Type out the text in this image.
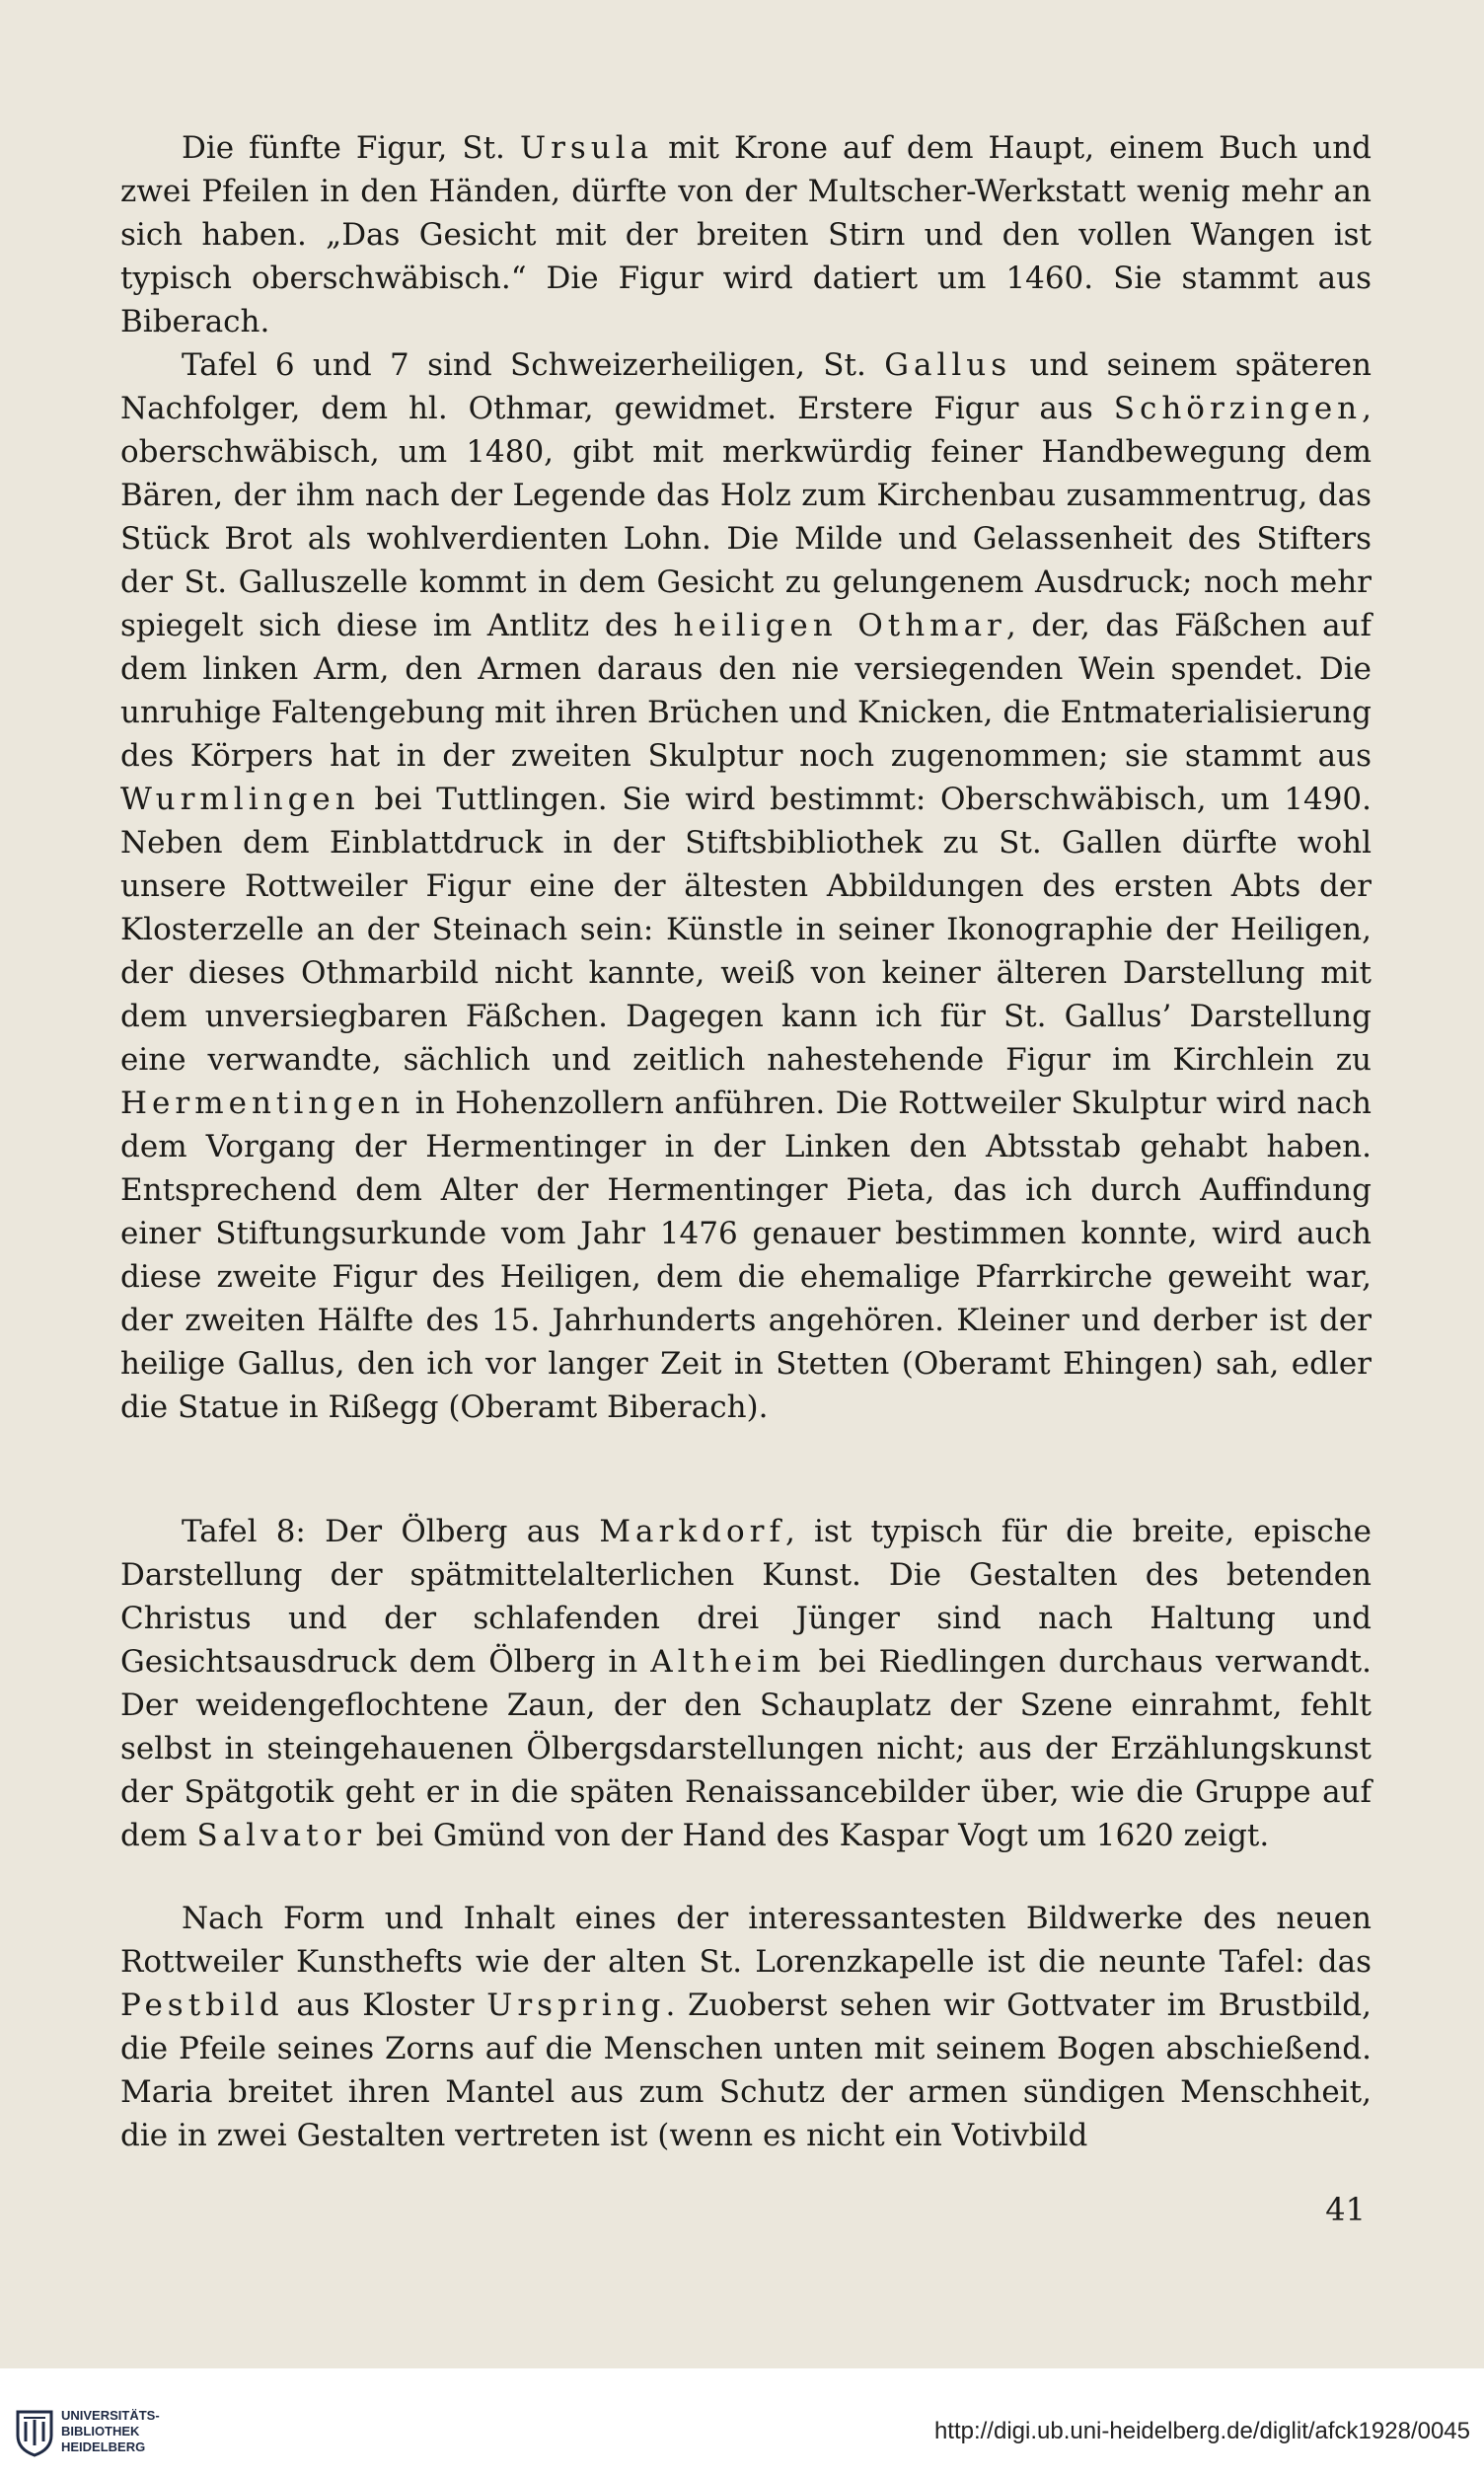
Die fünfte Figur, St. Ursula mit Krone auf dem Haupt, einem Buch und zwei Pfeilen in den Händen, dürfte von der Multscher-Werkstatt wenig mehr an sich haben. „Das Gesicht mit der breiten Stirn und den vollen Wangen ist typisch oberschwäbisch.“ Die Figur wird datiert um 1460. Sie stammt aus Biberach.

Tafel 6 und 7 sind Schweizerheiligen, St. Gallus und seinem späteren Nachfolger, dem hl. Othmar, gewidmet. Erstere Figur aus Schörzingen, oberschwäbisch, um 1480, gibt mit merkwürdig feiner Handbewegung dem Bären, der ihm nach der Legende das Holz zum Kirchenbau zusammentrug, das Stück Brot als wohlverdienten Lohn. Die Milde und Gelassenheit des Stifters der St. Galluszelle kommt in dem Gesicht zu gelungenem Ausdruck; noch mehr spiegelt sich diese im Antlitz des heiligen Othmar, der, das Fäßchen auf dem linken Arm, den Armen daraus den nie versiegenden Wein spendet. Die unruhige Faltengebung mit ihren Brüchen und Knicken, die Entmaterialisierung des Körpers hat in der zweiten Skulptur noch zugenommen; sie stammt aus Wurmlingen bei Tuttlingen. Sie wird bestimmt: Oberschwäbisch, um 1490. Neben dem Einblattdruck in der Stiftsbibliothek zu St. Gallen dürfte wohl unsere Rottweiler Figur eine der ältesten Abbildungen des ersten Abts der Klosterzelle an der Steinach sein: Künstle in seiner Ikonographie der Heiligen, der dieses Othmarbild nicht kannte, weiß von keiner älteren Darstellung mit dem unversiegbaren Fäßchen. Dagegen kann ich für St. Gallus’ Darstellung eine verwandte, sächlich und zeitlich nahestehende Figur im Kirchlein zu Hermentingen in Hohenzollern anführen. Die Rottweiler Skulptur wird nach dem Vorgang der Hermentinger in der Linken den Abtsstab gehabt haben. Entsprechend dem Alter der Hermentinger Pieta, das ich durch Auffindung einer Stiftungsurkunde vom Jahr 1476 genauer bestimmen konnte, wird auch diese zweite Figur des Heiligen, dem die ehemalige Pfarrkirche geweiht war, der zweiten Hälfte des 15. Jahrhunderts angehören. Kleiner und derber ist der heilige Gallus, den ich vor langer Zeit in Stetten (Oberamt Ehingen) sah, edler die Statue in Rißegg (Oberamt Biberach).

Tafel 8: Der Ölberg aus Markdorf, ist typisch für die breite, epische Darstellung der spätmittelalterlichen Kunst. Die Gestalten des betenden Christus und der schlafenden drei Jünger sind nach Haltung und Gesichtsausdruck dem Ölberg in Altheim bei Riedlingen durchaus verwandt. Der weidengeflochtene Zaun, der den Schauplatz der Szene einrahmt, fehlt selbst in steingehauenen Ölbergsdarstellungen nicht; aus der Erzählungskunst der Spätgotik geht er in die späten Renaissancebilder über, wie die Gruppe auf dem Salvator bei Gmünd von der Hand des Kaspar Vogt um 1620 zeigt.

Nach Form und Inhalt eines der interessantesten Bildwerke des neuen Rottweiler Kunsthefts wie der alten St. Lorenzkapelle ist die neunte Tafel: das Pestbild aus Kloster Urspring. Zuoberst sehen wir Gottvater im Brustbild, die Pfeile seines Zorns auf die Menschen unten mit seinem Bogen abschießend. Maria breitet ihren Mantel aus zum Schutz der armen sündigen Menschheit, die in zwei Gestalten vertreten ist (wenn es nicht ein Votivbild

41
UNIVERSITÄTS-
BIBLIOTHEK
HEIDELBERG
http://digi.ub.uni-heidelberg.de/diglit/afck1928/0045
